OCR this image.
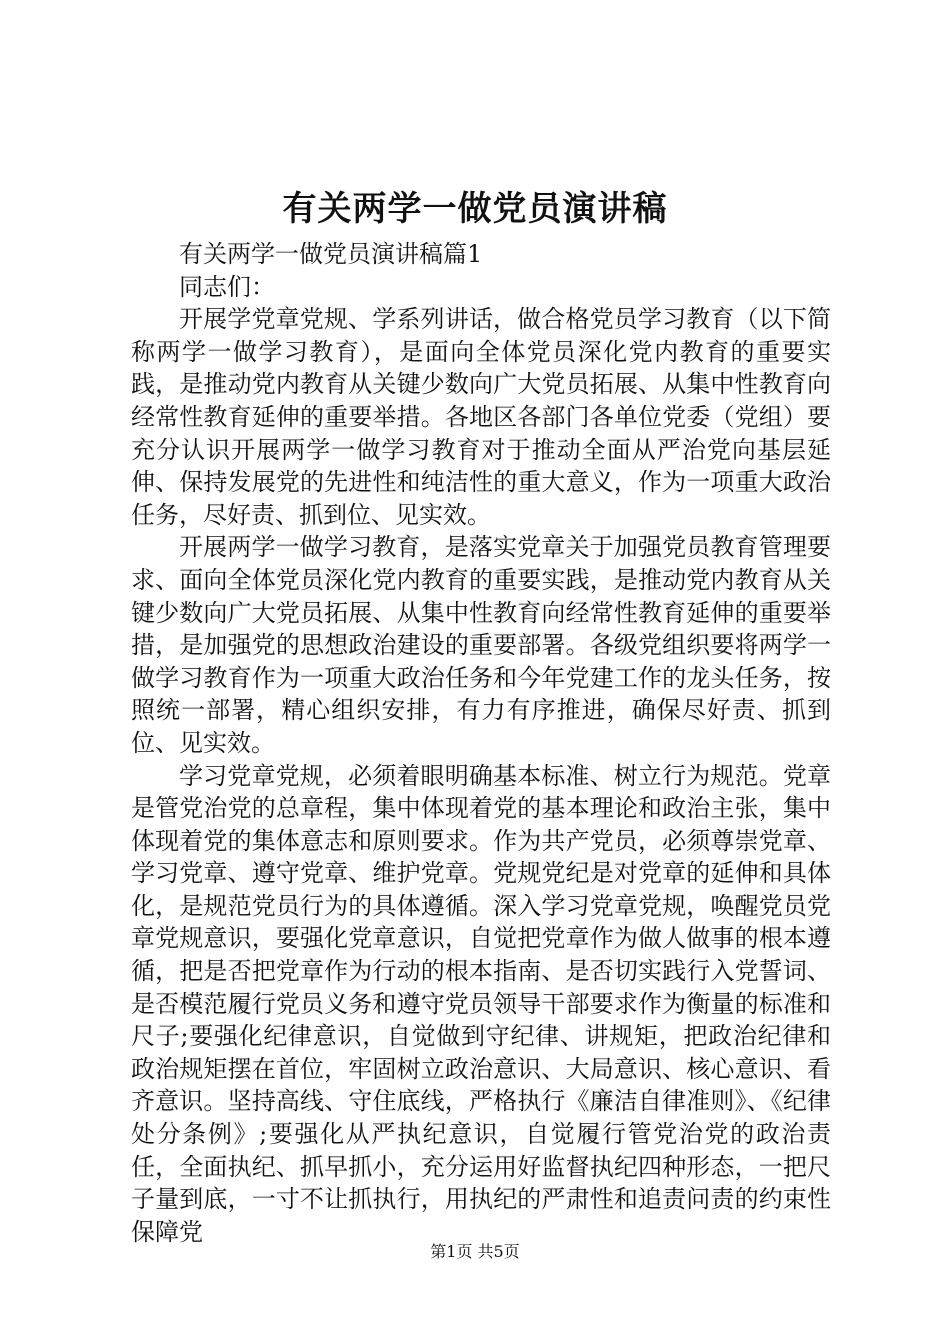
有关两学一做党员演讲稿

有关两学一做党员演讲稿篇1

同志们：

开展学党章党规、学系列讲话，做合格党员学习教育（以下简称两学一做学习教育），是面向全体党员深化党内教育的重要实践，是推动党内教育从关键少数向广大党员拓展、从集中性教育向经常性教育延伸的重要举措。各地区各部门各单位党委（党组）要充分认识开展两学一做学习教育对于推动全面从严治党向基层延伸、保持发展党的先进性和纯洁性的重大意义，作为一项重大政治任务，尽好责、抓到位、见实效。

开展两学一做学习教育，是落实党章关于加强党员教育管理要求、面向全体党员深化党内教育的重要实践，是推动党内教育从关键少数向广大党员拓展、从集中性教育向经常性教育延伸的重要举措，是加强党的思想政治建设的重要部署。各级党组织要将两学一做学习教育作为一项重大政治任务和今年党建工作的龙头任务，按照统一部署，精心组织安排，有力有序推进，确保尽好责、抓到位、见实效。

学习党章党规，必须着眼明确基本标准、树立行为规范。党章是管党治党的总章程，集中体现着党的基本理论和政治主张，集中体现着党的集体意志和原则要求。作为共产党员，必须尊崇党章、学习党章、遵守党章、维护党章。党规党纪是对党章的延伸和具体化，是规范党员行为的具体遵循。深入学习党章党规，唤醒党员党章党规意识，要强化党章意识，自觉把党章作为做人做事的根本遵循，把是否把党章作为行动的根本指南、是否切实践行入党誓词、是否模范履行党员义务和遵守党员领导干部要求作为衡量的标准和尺子;要强化纪律意识，自觉做到守纪律、讲规矩，把政治纪律和政治规矩摆在首位，牢固树立政治意识、大局意识、核心意识、看齐意识。坚持高线、守住底线，严格执行《廉洁自律准则》、《纪律处分条例》;要强化从严执纪意识，自觉履行管党治党的政治责任，全面执纪、抓早抓小，充分运用好监督执纪四种形态，一把尺子量到底，一寸不让抓执行，用执纪的严肃性和追责问责的约束性保障党

第1页 共5页
